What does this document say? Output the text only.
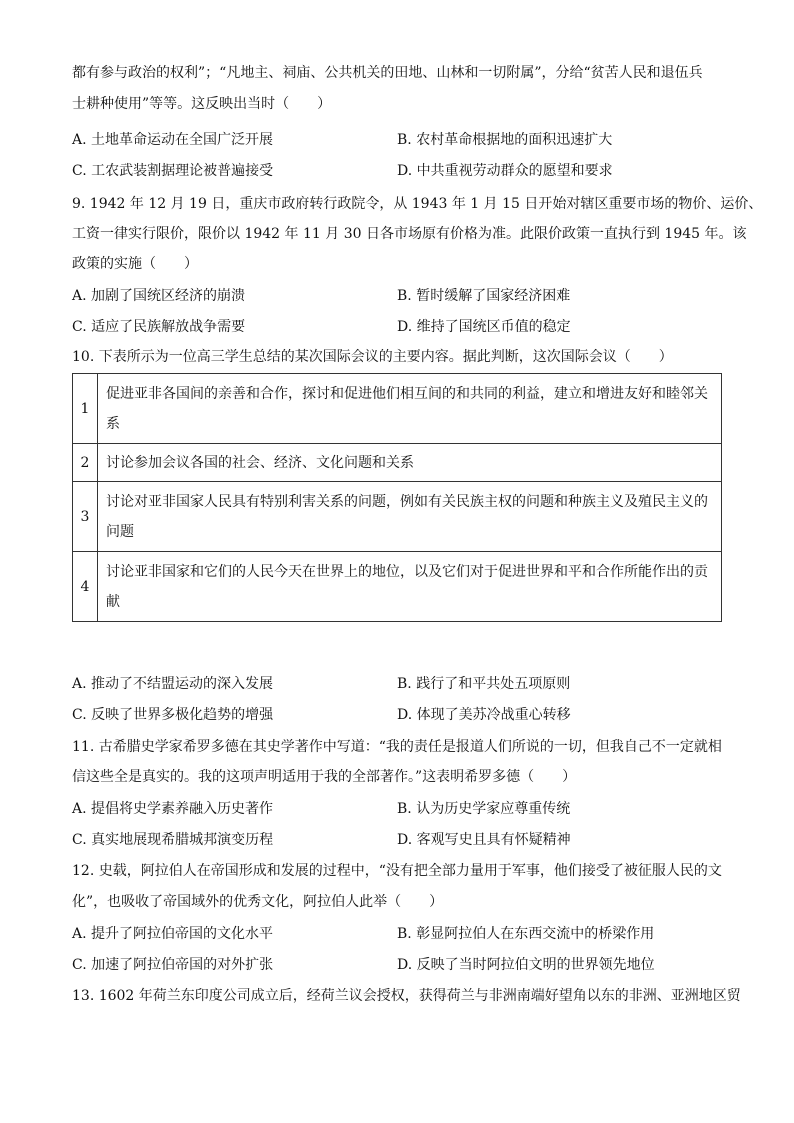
都有参与政治的权利”；“凡地主、祠庙、公共机关的田地、山林和一切附属”，分给“贫苦人民和退伍兵
士耕种使用”等等。这反映出当时（　　）
A. 土地革命运动在全国广泛开展	B. 农村革命根据地的面积迅速扩大
C. 工农武装割据理论被普遍接受	D. 中共重视劳动群众的愿望和要求
9. 1942 年 12 月 19 日，重庆市政府转行政院令，从 1943 年 1 月 15 日开始对辖区重要市场的物价、运价、
工资一律实行限价，限价以 1942 年 11 月 30 日各市场原有价格为准。此限价政策一直执行到 1945 年。该
政策的实施（　　）
A. 加剧了国统区经济的崩溃	B. 暂时缓解了国家经济困难
C. 适应了民族解放战争需要	D. 维持了国统区币值的稳定
10. 下表所示为一位高三学生总结的某次国际会议的主要内容。据此判断，这次国际会议（　　）
1	促进亚非各国间的亲善和合作，探讨和促进他们相互间的和共同的利益，建立和增进友好和睦邻关系
2	讨论参加会议各国的社会、经济、文化问题和关系
3	讨论对亚非国家人民具有特别利害关系的问题，例如有关民族主权的问题和种族主义及殖民主义的问题
4	讨论亚非国家和它们的人民今天在世界上的地位，以及它们对于促进世界和平和合作所能作出的贡献
A. 推动了不结盟运动的深入发展	B. 践行了和平共处五项原则
C. 反映了世界多极化趋势的增强	D. 体现了美苏冷战重心转移
11. 古希腊史学家希罗多德在其史学著作中写道：“我的责任是报道人们所说的一切，但我自己不一定就相
信这些全是真实的。我的这项声明适用于我的全部著作。”这表明希罗多德（　　）
A. 提倡将史学素养融入历史著作	B. 认为历史学家应尊重传统
C. 真实地展现希腊城邦演变历程	D. 客观写史且具有怀疑精神
12. 史载，阿拉伯人在帝国形成和发展的过程中，“没有把全部力量用于军事，他们接受了被征服人民的文
化”，也吸收了帝国域外的优秀文化，阿拉伯人此举（　　）
A. 提升了阿拉伯帝国的文化水平	B. 彰显阿拉伯人在东西交流中的桥梁作用
C. 加速了阿拉伯帝国的对外扩张	D. 反映了当时阿拉伯文明的世界领先地位
13. 1602 年荷兰东印度公司成立后，经荷兰议会授权，获得荷兰与非洲南端好望角以东的非洲、亚洲地区贸
